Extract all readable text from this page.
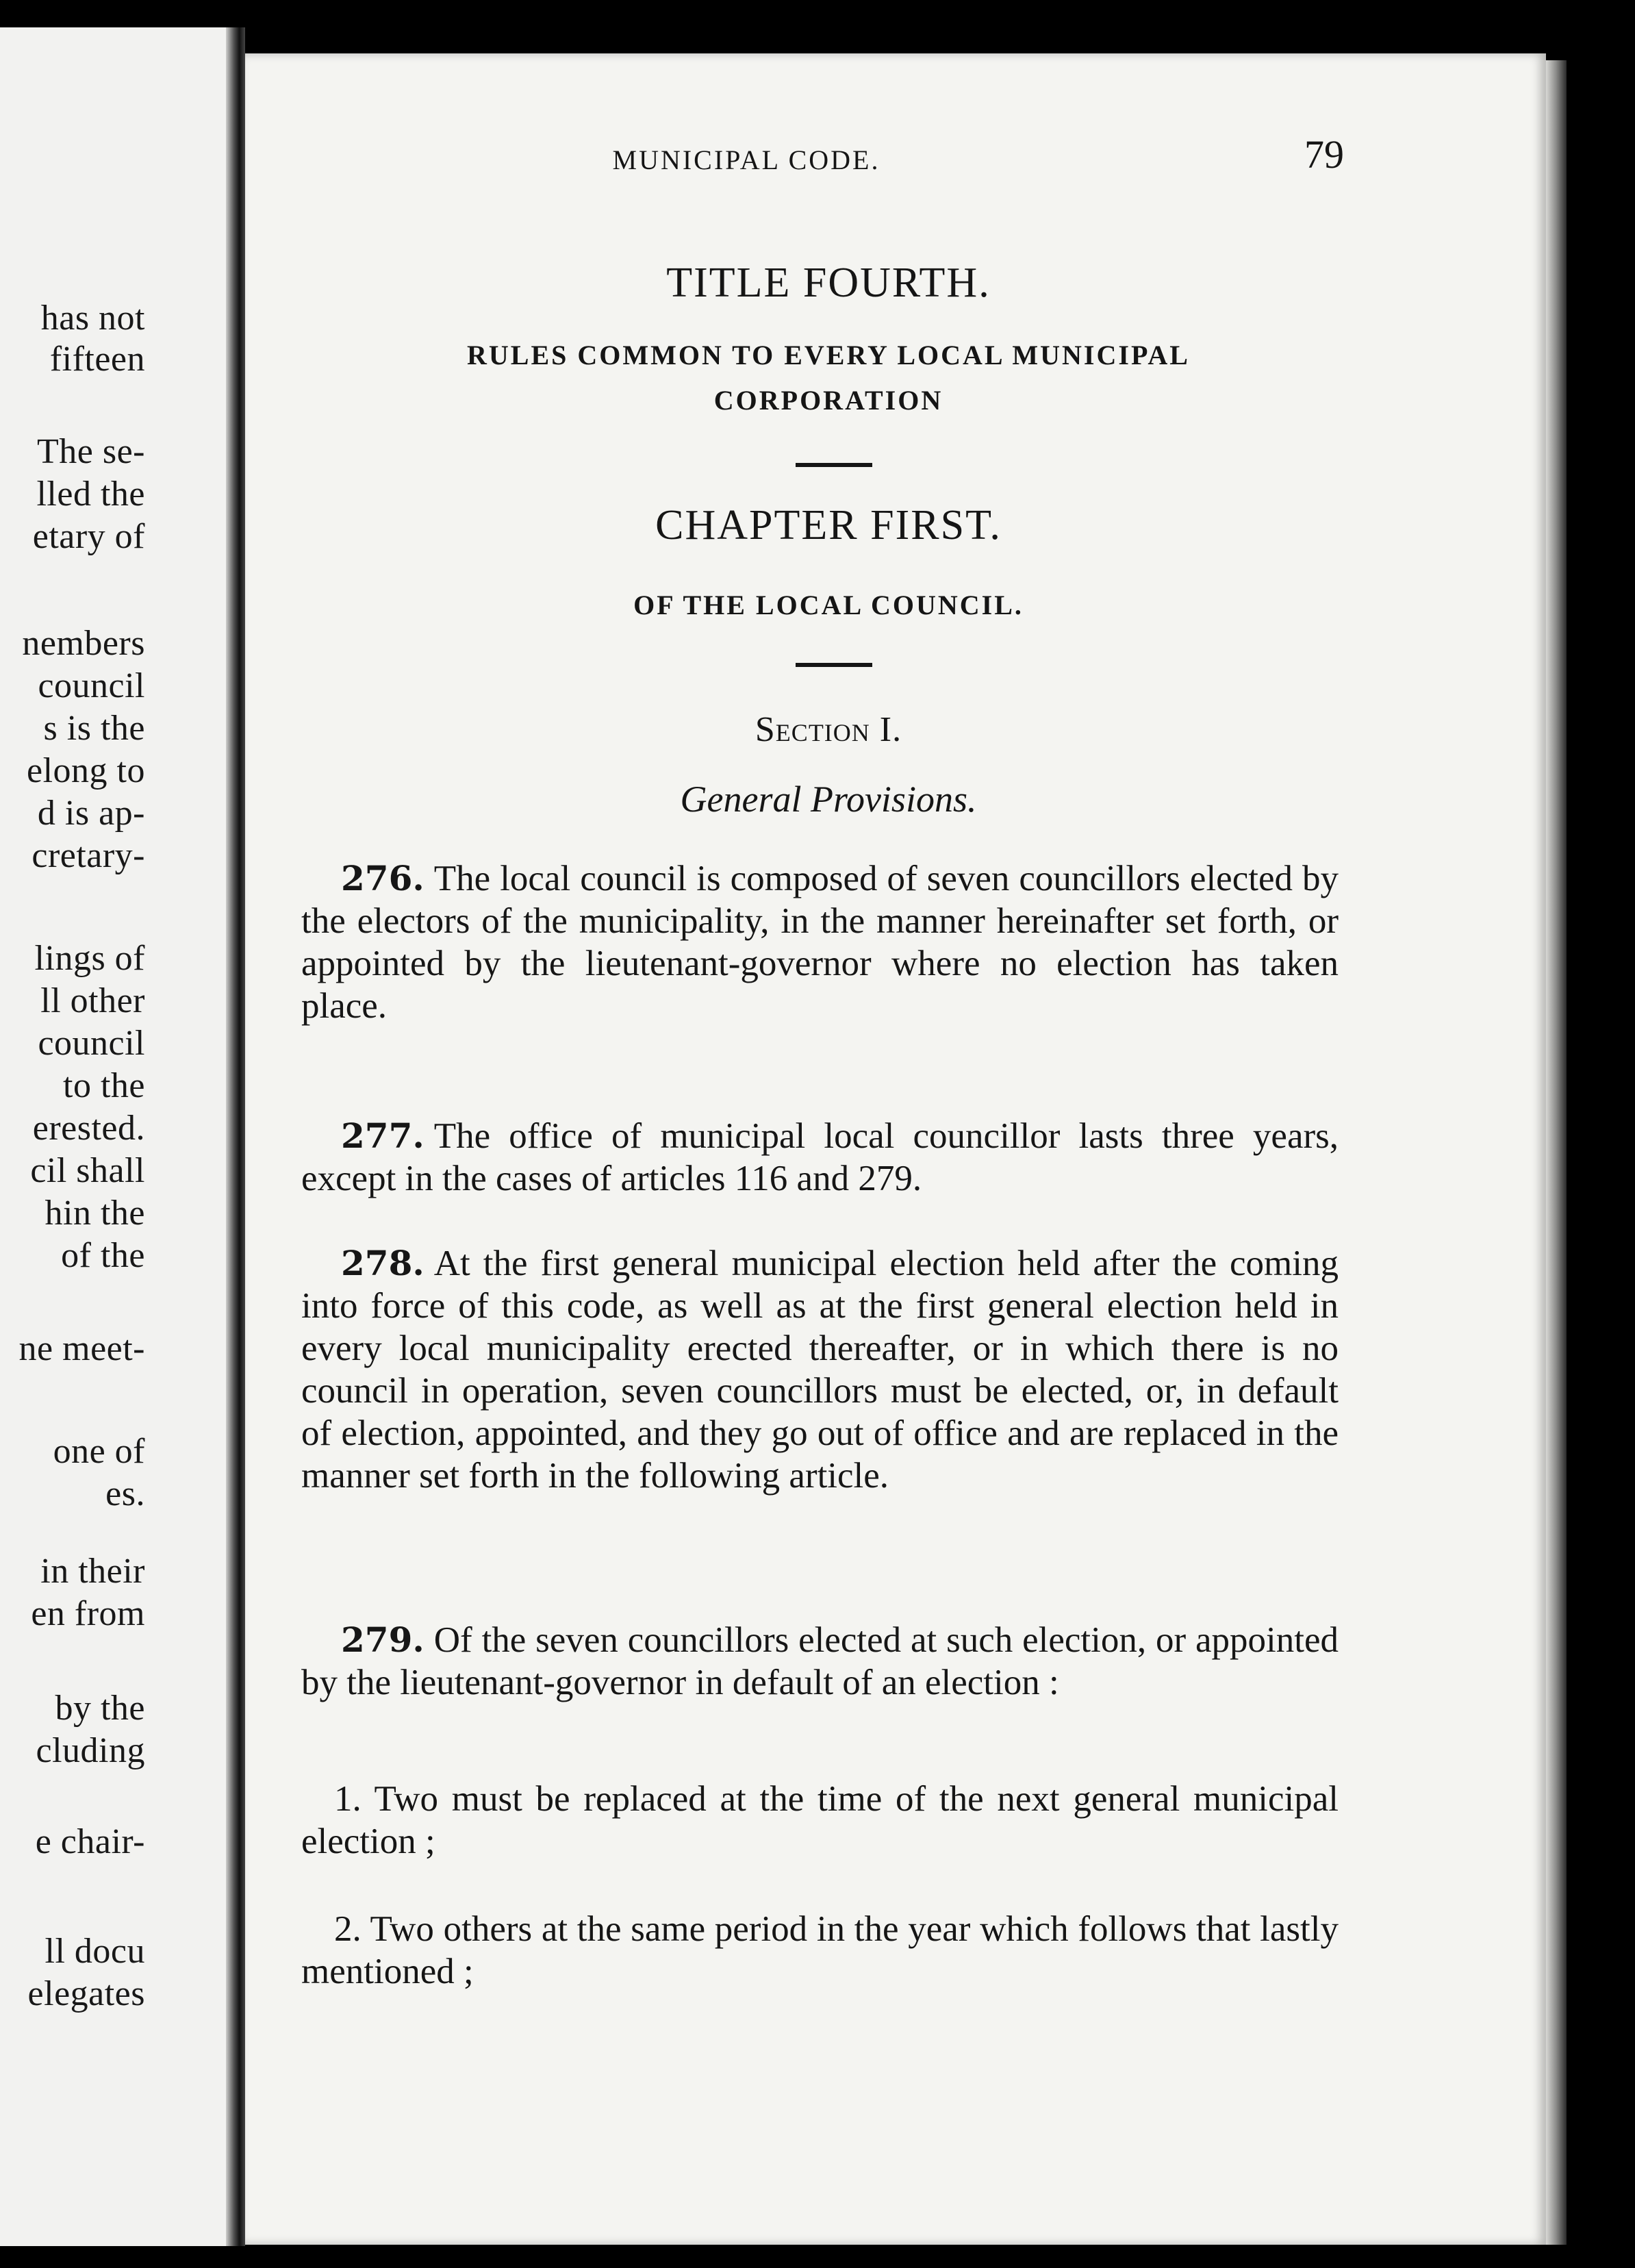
has not
fifteen
The se-
lled the
etary of
nembers
council
s is the
elong to
d is ap-
cretary-
lings of
ll other
council
to the
erested.
cil shall
hin the
of the
ne meet-
one of
es.
in their
en from
by the
cluding
e chair-
ll docu
elegates
MUNICIPAL CODE.	79
TITLE FOURTH.
RULES COMMON TO EVERY LOCAL MUNICIPAL
CORPORATION
CHAPTER FIRST.
OF THE LOCAL COUNCIL.
Section I.
General Provisions.
276. The local council is composed of seven councillors elected by the electors of the municipality, in the manner hereinafter set forth, or appointed by the lieutenant-governor where no election has taken place.
277. The office of municipal local councillor lasts three years, except in the cases of articles 116 and 279.
278. At the first general municipal election held after the coming into force of this code, as well as at the first general election held in every local municipality erected thereafter, or in which there is no council in operation, seven councillors must be elected, or, in default of election, appointed, and they go out of office and are replaced in the manner set forth in the following article.
279. Of the seven councillors elected at such election, or appointed by the lieutenant-governor in default of an election :
1. Two must be replaced at the time of the next general municipal election ;
2. Two others at the same period in the year which follows that lastly mentioned ;
